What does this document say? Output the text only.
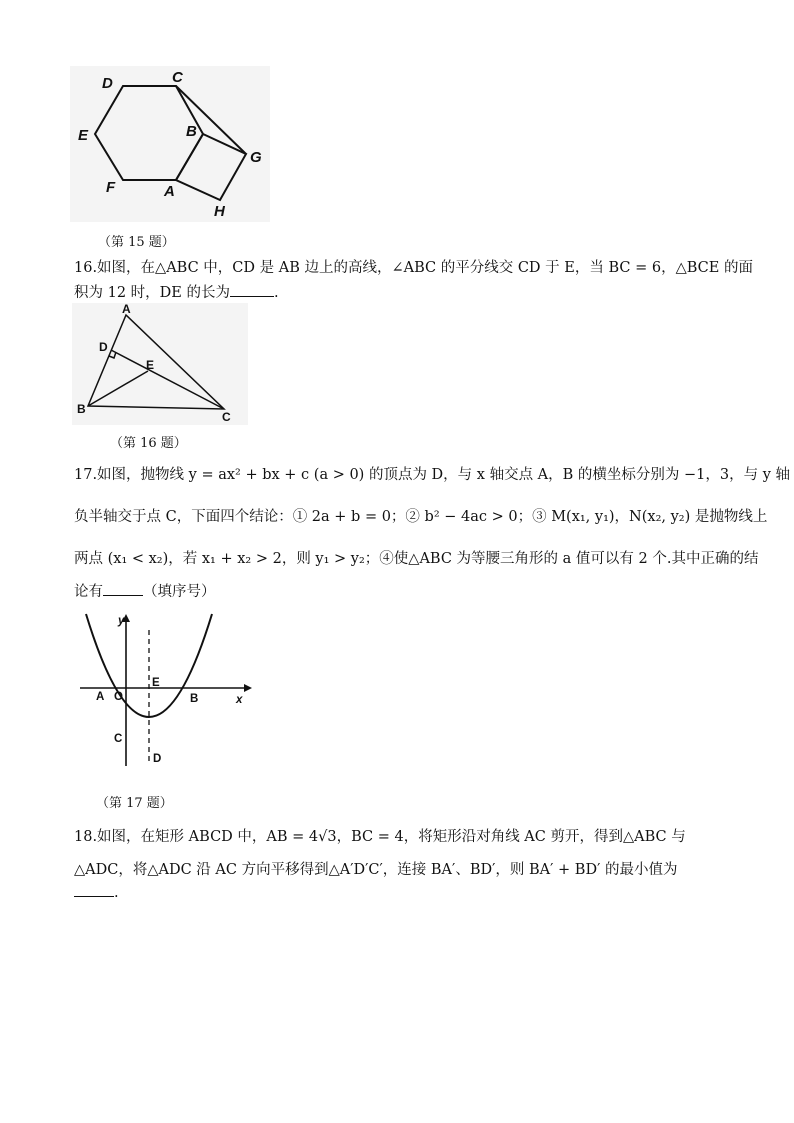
D	C
E	B
G
F	A
H
（第 15 题）
16.如图，在△ABC 中，CD 是 AB 边上的高线，∠ABC 的平分线交 CD 于 E，当 BC = 6，△BCE 的面
积为 12 时，DE 的长为	.
A
D
E
B
C
（第 16 题）
17.如图，抛物线 y = ax² + bx + c (a > 0) 的顶点为 D，与 x 轴交点 A，B 的横坐标分别为 −1，3，与 y 轴
负半轴交于点 C，下面四个结论：① 2a + b = 0；② b² − 4ac > 0；③ M(x₁, y₁)，N(x₂, y₂) 是抛物线上
两点 (x₁ < x₂)，若 x₁ + x₂ > 2，则 y₁ > y₂；④使△ABC 为等腰三角形的 a 值可以有 2 个.其中正确的结
论有	（填序号）
y
x
A O
E
B
C
D
（第 17 题）
18.如图，在矩形 ABCD 中，AB = 4√3，BC = 4，将矩形沿对角线 AC 剪开，得到△ABC 与
△ADC，将△ADC 沿 AC 方向平移得到△A′D′C′，连接 BA′、BD′，则 BA′ + BD′ 的最小值为
.
